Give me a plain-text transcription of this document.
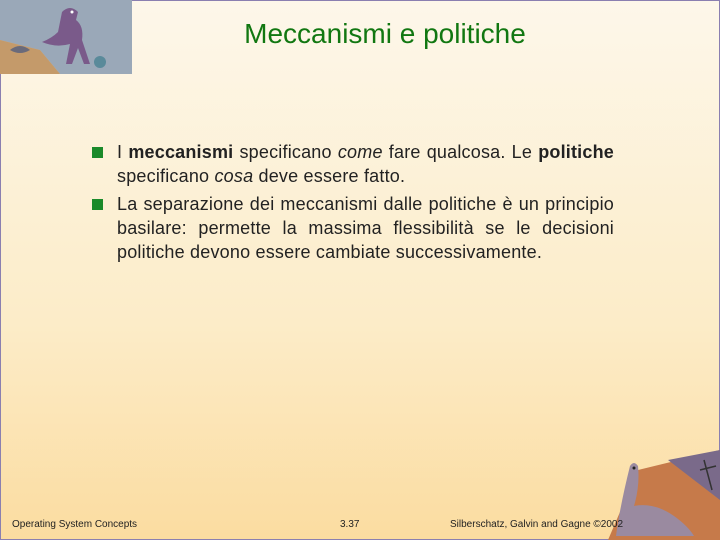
Meccanismi e politiche
I meccanismi specificano come fare qualcosa. Le politiche specificano cosa deve essere fatto.
La separazione dei meccanismi dalle politiche è un principio basilare: permette la massima flessibilità se le decisioni politiche devono essere cambiate successivamente.
Operating System Concepts	3.37	Silberschatz, Galvin and Gagne ©2002
